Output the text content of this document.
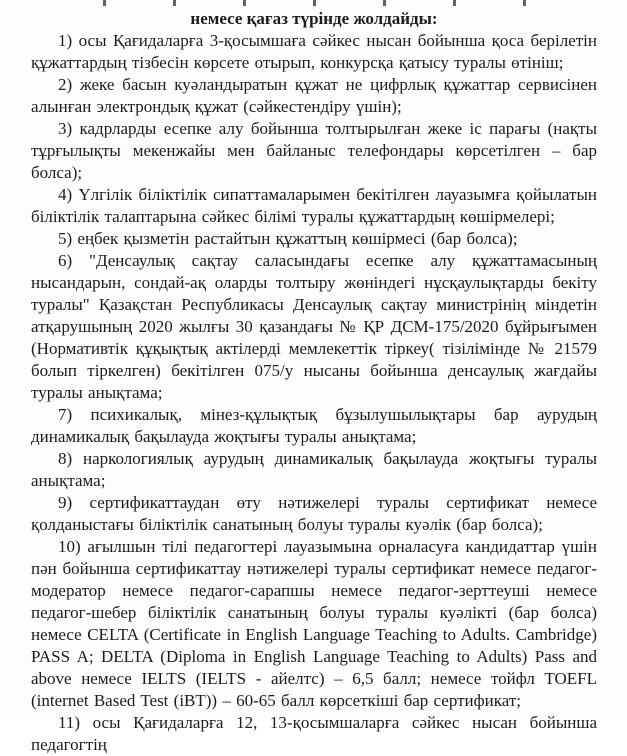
немесе қағаз түрінде жолдайды:

1) осы Қағидаларға 3-қосымшаға сәйкес нысан бойынша қоса берілетін құжаттардың тізбесін көрсете отырып, конкурсқа қатысу туралы өтініш;

2) жеке басын куәландыратын құжат не цифрлық құжаттар сервисінен алынған электрондық құжат (сәйкестендіру үшін);

3) кадрларды есепке алу бойынша толтырылған жеке іс парағы (нақты тұрғылықты мекенжайы мен байланыс телефондары көрсетілген – бар болса);

4) Үлгілік біліктілік сипаттамаларымен бекітілген лауазымға қойылатын біліктілік талаптарына сәйкес білімі туралы құжаттардың көшірмелері;

5) еңбек қызметін растайтын құжаттың көшірмесі (бар болса);

6) "Денсаулық сақтау саласындағы есепке алу құжаттамасының нысандарын, сондай-ақ оларды толтыру жөніндегі нұсқаулықтарды бекіту туралы" Қазақстан Республикасы Денсаулық сақтау министрінің міндетін атқарушының 2020 жылғы 30 қазандағы № ҚР ДСМ-175/2020 бұйрығымен (Нормативтік құқықтық актілерді мемлекеттік тіркеу( тізілімінде № 21579 болып тіркелген) бекітілген 075/у нысаны бойынша денсаулық жағдайы туралы анықтама;

7) психикалық, мінез-құлықтық бұзылушылықтары бар аурудың динамикалық бақылауда жоқтығы туралы анықтама;

8) наркологиялық аурудың динамикалық бақылауда жоқтығы туралы анықтама;

9) сертификаттаудан өту нәтижелері туралы сертификат немесе қолданыстағы біліктілік санатының болуы туралы куәлік (бар болса);

10) ағылшын тілі педагогтері лауазымына орналасуға кандидаттар үшін пән бойынша сертификаттау нәтижелері туралы сертификат немесе педагог-модератор немесе педагог-сарапшы немесе педагог-зерттеуші немесе педагог-шебер біліктілік санатының болуы туралы куәлікті (бар болса) немесе CELTA (Certificate in English Language Teaching to Adults. Cambridge) PASS A; DELTA (Diploma in English Language Teaching to Adults) Pass and above немесе IELTS (IELTS - айелтс) – 6,5 балл; немесе тойфл TOEFL (internet Based Test (iBT)) – 60-65 балл көрсеткіші бар сертификат;

11) осы Қағидаларға 12, 13-қосымшаларға сәйкес нысан бойынша педагогтің
